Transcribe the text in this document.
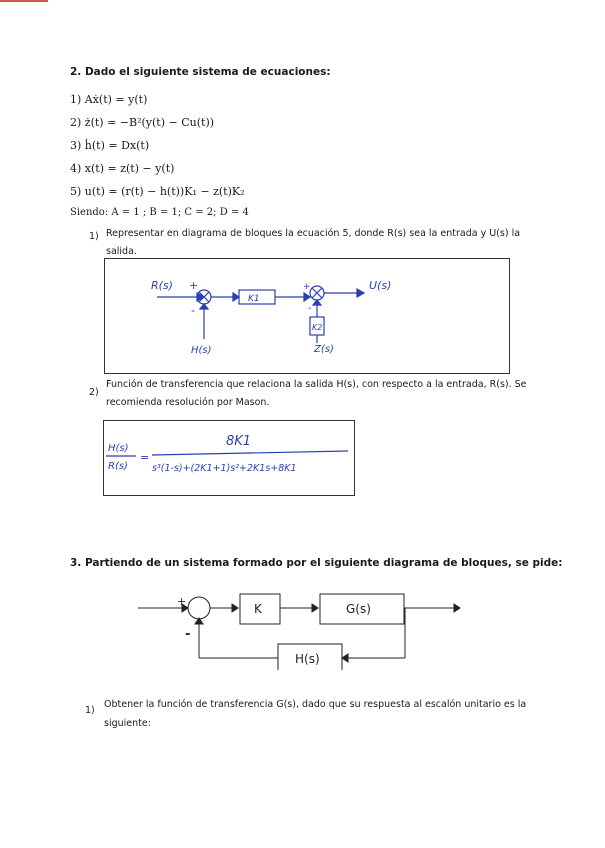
2. Dado el siguiente sistema de ecuaciones:
1) Aẋ(t) = y(t)
2) ż(t) = −B²(y(t) − Cu(t))
3) ḣ(t) = Dx(t)
4) x(t) = z(t) − y(t)
5) u(t) = (r(t) − h(t))K₁ − z(t)K₂
Siendo: A = 1 ; B = 1; C = 2; D = 4
1) Representar en diagrama de bloques la ecuación 5, donde R(s) sea la entrada y U(s) la
salida.
R(s) +
-
H(s)
K1
+
-
U(s)
K2
Z(s)
2)
Función de transferencia que relaciona la salida H(s), con respecto a la entrada, R(s). Se
recomienda resolución por Mason.
H(s)
R(s)
=
8K1
s³(1-s)+(2K1+1)s²+2K1s+8K1
3. Partiendo de un sistema formado por el siguiente diagrama de bloques, se pide:
+
-
K	G(s)
H(s)
1)
Obtener la función de transferencia G(s), dado que su respuesta al escalón unitario es la
siguiente:
